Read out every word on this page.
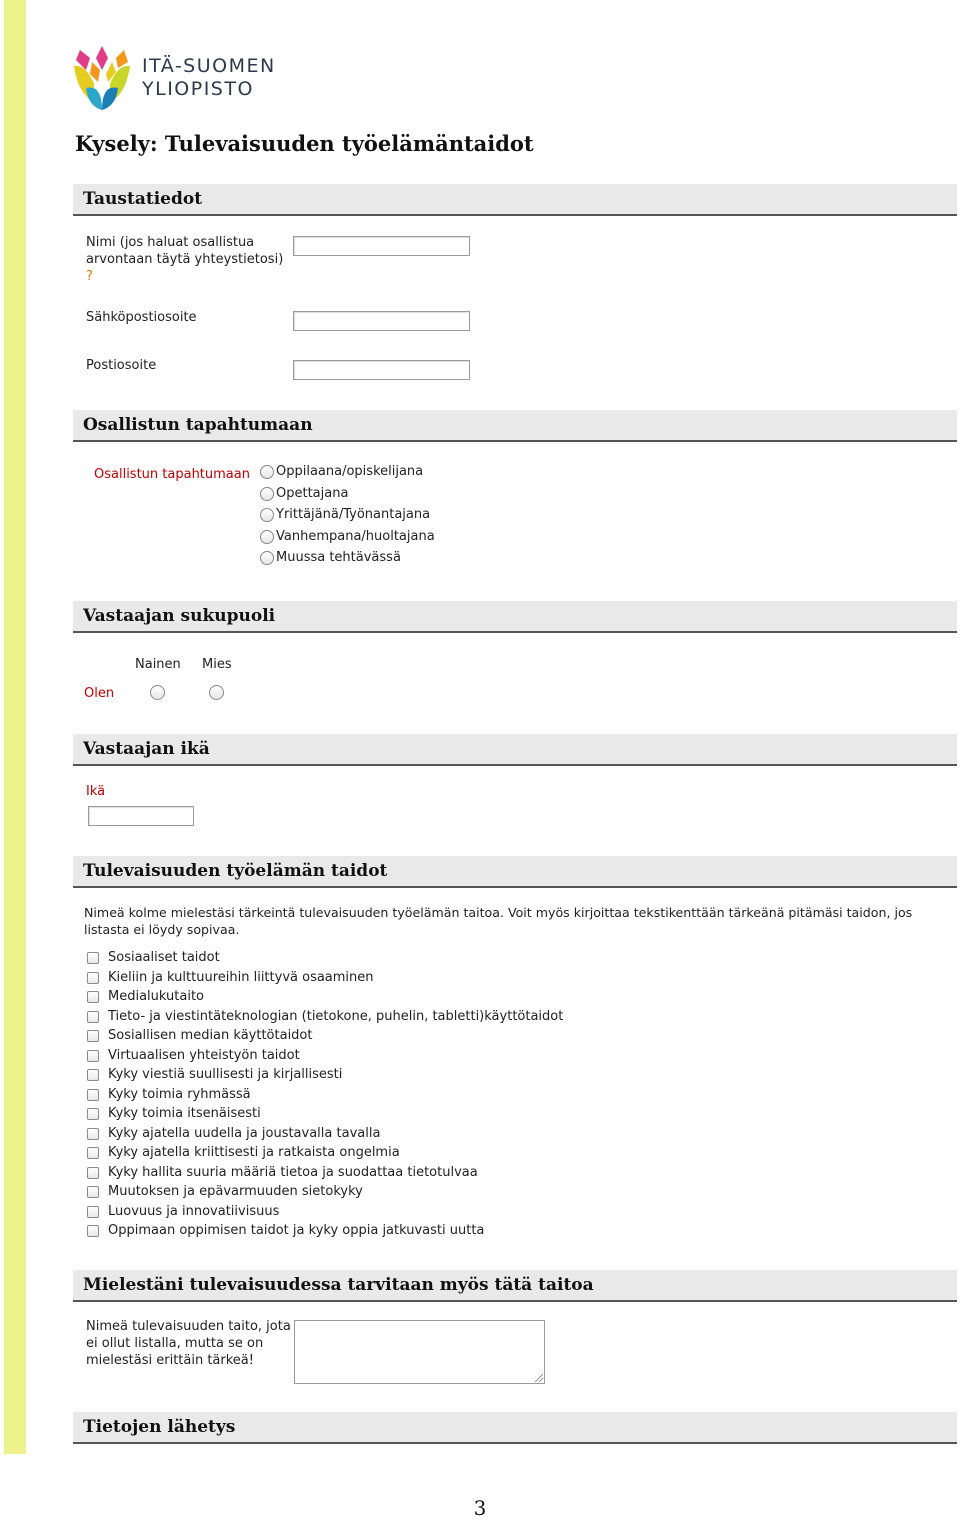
ITÄ-SUOMEN
YLIOPISTO
Kysely: Tulevaisuuden työelämäntaidot
Taustatiedot
Nimi (jos haluat osallistua
arvontaan täytä yhteystietosi)
?
Sähköpostiosoite
Postiosoite
Osallistun tapahtumaan
Osallistun tapahtumaan Oppilaana/opiskelijana
Opettajana
Yrittäjänä/Työnantajana
Vanhempana/huoltajana
Muussa tehtävässä
Vastaajan sukupuoli
Nainen Mies
Olen
Vastaajan ikä
Ikä
Tulevaisuuden työelämän taidot
Nimeä kolme mielestäsi tärkeintä tulevaisuuden työelämän taitoa. Voit myös kirjoittaa tekstikenttään tärkeänä pitämäsi taidon, jos
listasta ei löydy sopivaa.
Sosiaaliset taidot
Kieliin ja kulttuureihin liittyvä osaaminen
Medialukutaito
Tieto- ja viestintäteknologian (tietokone, puhelin, tabletti)käyttötaidot
Sosiallisen median käyttötaidot
Virtuaalisen yhteistyön taidot
Kyky viestiä suullisesti ja kirjallisesti
Kyky toimia ryhmässä
Kyky toimia itsenäisesti
Kyky ajatella uudella ja joustavalla tavalla
Kyky ajatella kriittisesti ja ratkaista ongelmia
Kyky hallita suuria määriä tietoa ja suodattaa tietotulvaa
Muutoksen ja epävarmuuden sietokyky
Luovuus ja innovatiivisuus
Oppimaan oppimisen taidot ja kyky oppia jatkuvasti uutta
Mielestäni tulevaisuudessa tarvitaan myös tätä taitoa
Nimeä tulevaisuuden taito, jota
ei ollut listalla, mutta se on
mielestäsi erittäin tärkeä!
Tietojen lähetys
3
